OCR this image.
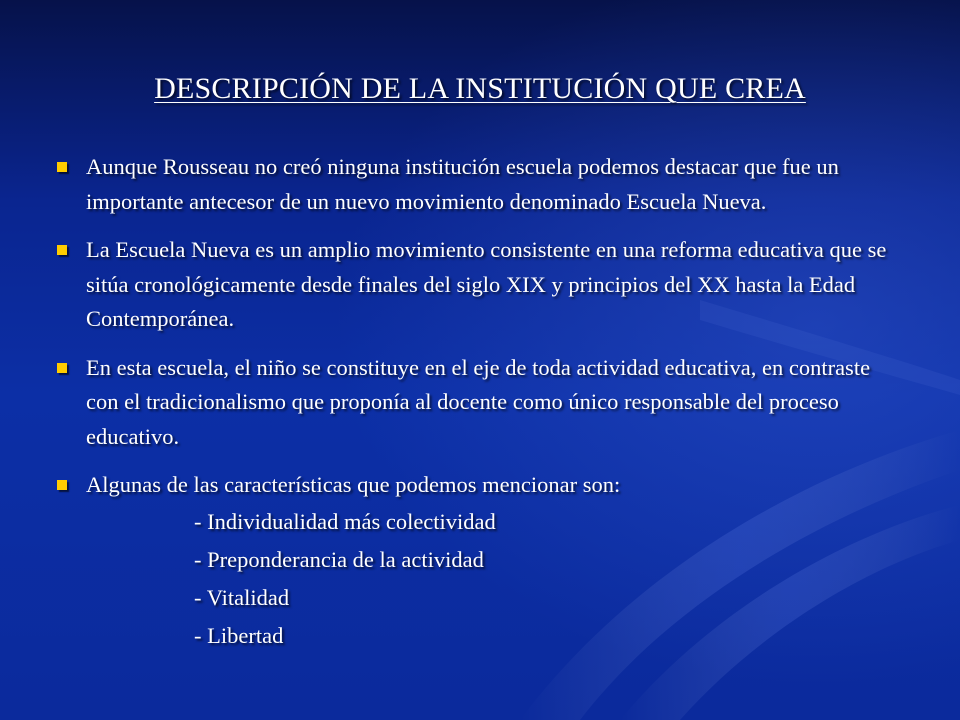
DESCRIPCIÓN DE LA INSTITUCIÓN QUE CREA
Aunque Rousseau no creó ninguna institución escuela podemos destacar que fue un importante antecesor de un nuevo movimiento denominado Escuela Nueva.
La Escuela Nueva es un amplio movimiento consistente en una reforma educativa que se sitúa cronológicamente desde finales del siglo XIX y principios del XX hasta la Edad Contemporánea.
En esta escuela, el niño se constituye en el eje de toda actividad educativa, en contraste con el tradicionalismo que proponía al docente como único responsable del proceso educativo.
Algunas de las características que podemos mencionar son:
- Individualidad más colectividad
- Preponderancia de la actividad
- Vitalidad
- Libertad
